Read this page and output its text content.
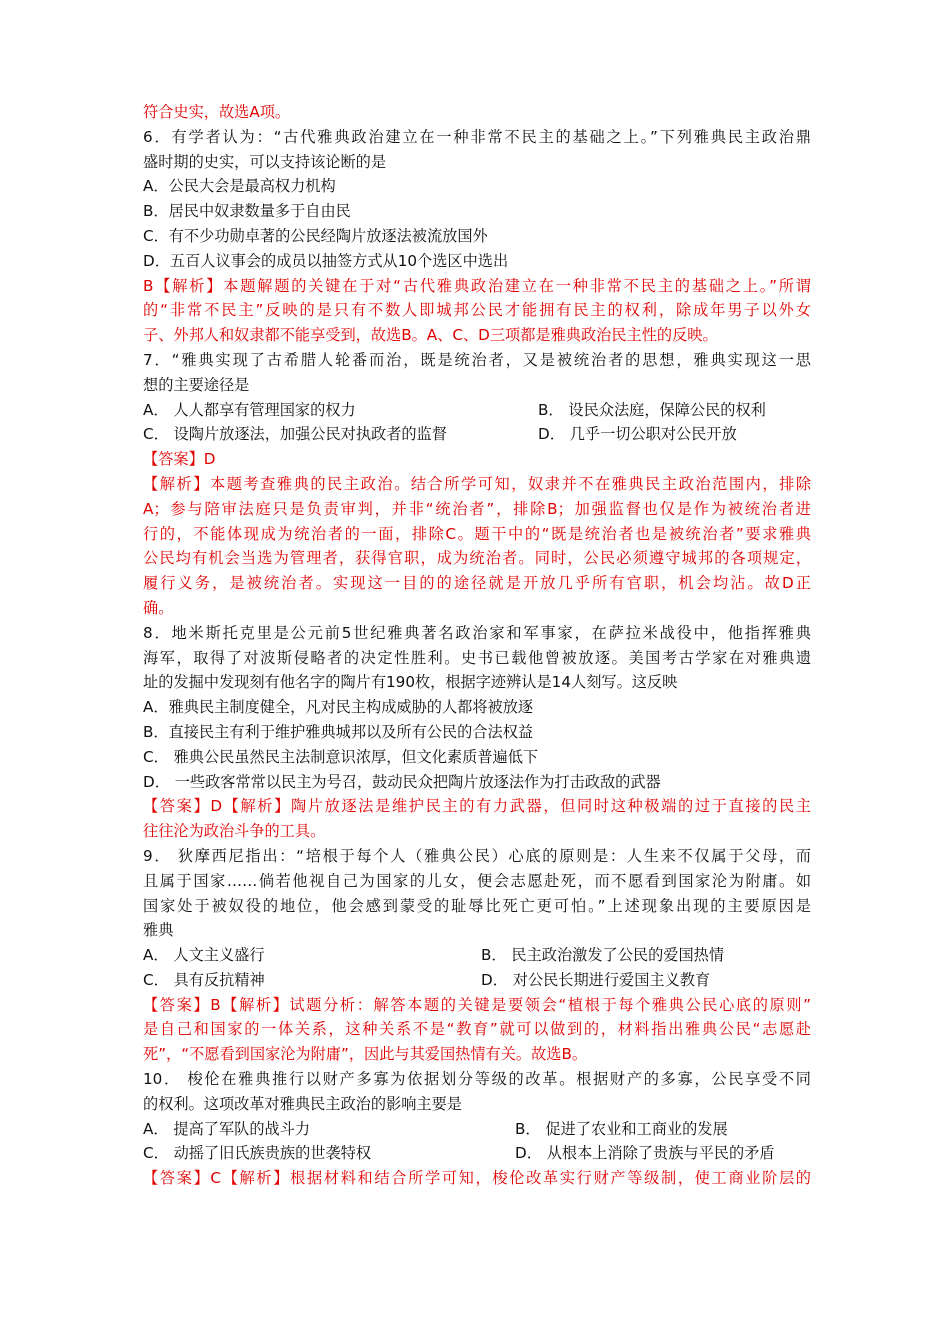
符合史实，故选A项。
6．有学者认为：“古代雅典政治建立在一种非常不民主的基础之上。”下列雅典民主政治鼎
盛时期的史实，可以支持该论断的是
A．公民大会是最高权力机构
B．居民中奴隶数量多于自由民
C．有不少功勋卓著的公民经陶片放逐法被流放国外
D．五百人议事会的成员以抽签方式从10个选区中选出
B【解析】本题解题的关键在于对“古代雅典政治建立在一种非常不民主的基础之上。”所谓
的“非常不民主”反映的是只有不数人即城邦公民才能拥有民主的权利，除成年男子以外女
子、外邦人和奴隶都不能享受到，故选B。A、C、D三项都是雅典政治民主性的反映。
7．“雅典实现了古希腊人轮番而治，既是统治者，又是被统治者的思想，雅典实现这一思
想的主要途径是
A． 人人都享有管理国家的权力	B． 设民众法庭，保障公民的权利
C． 设陶片放逐法，加强公民对执政者的监督	D． 几乎一切公职对公民开放
【答案】D
【解析】本题考查雅典的民主政治。结合所学可知，奴隶并不在雅典民主政治范围内，排除
A；参与陪审法庭只是负责审判，并非“统治者”，排除B；加强监督也仅是作为被统治者进
行的，不能体现成为统治者的一面，排除C。题干中的“既是统治者也是被统治者”要求雅典
公民均有机会当选为管理者，获得官职，成为统治者。同时，公民必须遵守城邦的各项规定，
履行义务，是被统治者。实现这一目的的途径就是开放几乎所有官职，机会均沾。故D正
确。
8．地米斯托克里是公元前5世纪雅典著名政治家和军事家，在萨拉米战役中，他指挥雅典
海军，取得了对波斯侵略者的决定性胜利。史书已载他曾被放逐。美国考古学家在对雅典遗
址的发掘中发现刻有他名字的陶片有190枚，根据字迹辨认是14人刻写。这反映
A．雅典民主制度健全，凡对民主构成威胁的人都将被放逐
B．直接民主有利于维护雅典城邦以及所有公民的合法权益
C． 雅典公民虽然民主法制意识浓厚，但文化素质普遍低下
D． 一些政客常常以民主为号召，鼓动民众把陶片放逐法作为打击政敌的武器
【答案】D【解析】陶片放逐法是维护民主的有力武器，但同时这种极端的过于直接的民主
往往沦为政治斗争的工具。
9． 狄摩西尼指出：“培根于每个人（雅典公民）心底的原则是：人生来不仅属于父母，而
且属于国家……倘若他视自己为国家的儿女，便会志愿赴死，而不愿看到国家沦为附庸。如
国家处于被奴役的地位，他会感到蒙受的耻辱比死亡更可怕。”上述现象出现的主要原因是
雅典
A． 人文主义盛行	B． 民主政治激发了公民的爱国热情
C． 具有反抗精神	D． 对公民长期进行爱国主义教育
【答案】B【解析】试题分析：解答本题的关键是要领会“植根于每个雅典公民心底的原则”
是自己和国家的一体关系，这种关系不是“教育”就可以做到的，材料指出雅典公民“志愿赴
死”，“不愿看到国家沦为附庸”，因此与其爱国热情有关。故选B。
10． 梭伦在雅典推行以财产多寡为依据划分等级的改革。根据财产的多寡，公民享受不同
的权利。这项改革对雅典民主政治的影响主要是
A． 提高了军队的战斗力	B． 促进了农业和工商业的发展
C． 动摇了旧氏族贵族的世袭特权	D． 从根本上消除了贵族与平民的矛盾
【答案】C【解析】根据材料和结合所学可知，梭伦改革实行财产等级制，使工商业阶层的
